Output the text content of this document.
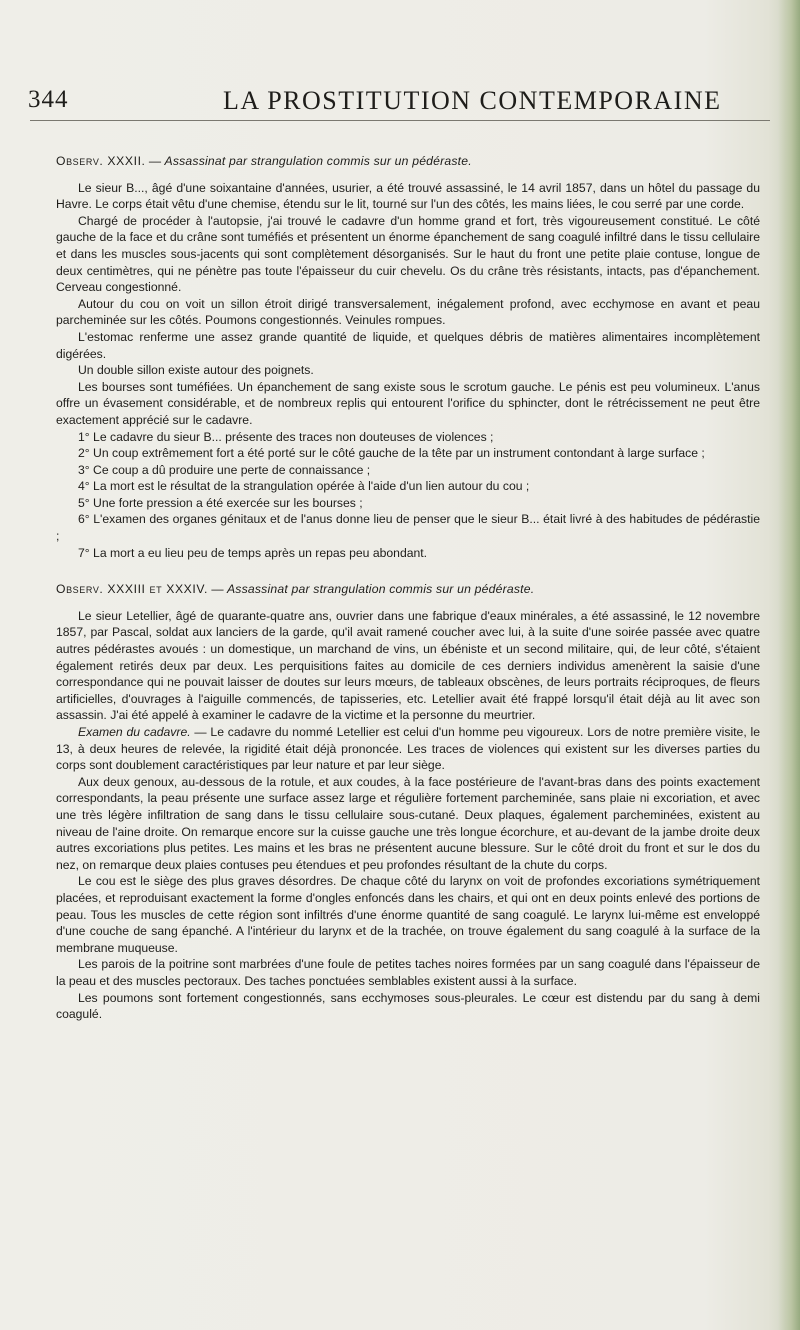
344	LA PROSTITUTION CONTEMPORAINE
Observ. XXXII. — Assassinat par strangulation commis sur un pédéraste.

Le sieur B..., âgé d'une soixantaine d'années, usurier, a été trouvé assassiné, le 14 avril 1857, dans un hôtel du passage du Havre. Le corps était vêtu d'une chemise, étendu sur le lit, tourné sur l'un des côtés, les mains liées, le cou serré par une corde.

Chargé de procéder à l'autopsie, j'ai trouvé le cadavre d'un homme grand et fort, très vigoureusement constitué. Le côté gauche de la face et du crâne sont tuméfiés et présentent un énorme épanchement de sang coagulé infiltré dans le tissu cellulaire et dans les muscles sous-jacents qui sont complètement désorganisés. Sur le haut du front une petite plaie contuse, longue de deux centimètres, qui ne pénètre pas toute l'épaisseur du cuir chevelu. Os du crâne très résistants, intacts, pas d'épanchement. Cerveau congestionné.

Autour du cou on voit un sillon étroit dirigé transversalement, inégalement profond, avec ecchymose en avant et peau parcheminée sur les côtés. Poumons congestionnés. Veinules rompues.

L'estomac renferme une assez grande quantité de liquide, et quelques débris de matières alimentaires incomplètement digérées.

Un double sillon existe autour des poignets.

Les bourses sont tuméfiées. Un épanchement de sang existe sous le scrotum gauche. Le pénis est peu volumineux. L'anus offre un évasement considérable, et de nombreux replis qui entourent l'orifice du sphincter, dont le rétrécissement ne peut être exactement apprécié sur le cadavre.

1° Le cadavre du sieur B... présente des traces non douteuses de violences ;

2° Un coup extrêmement fort a été porté sur le côté gauche de la tête par un instrument contondant à large surface ;

3° Ce coup a dû produire une perte de connaissance ;

4° La mort est le résultat de la strangulation opérée à l'aide d'un lien autour du cou ;

5° Une forte pression a été exercée sur les bourses ;

6° L'examen des organes génitaux et de l'anus donne lieu de penser que le sieur B... était livré à des habitudes de pédérastie ;

7° La mort a eu lieu peu de temps après un repas peu abondant.

Observ. XXXIII et XXXIV. — Assassinat par strangulation commis sur un pédéraste.

Le sieur Letellier, âgé de quarante-quatre ans, ouvrier dans une fabrique d'eaux minérales, a été assassiné, le 12 novembre 1857, par Pascal, soldat aux lanciers de la garde, qu'il avait ramené coucher avec lui, à la suite d'une soirée passée avec quatre autres pédérastes avoués : un domestique, un marchand de vins, un ébéniste et un second militaire, qui, de leur côté, s'étaient également retirés deux par deux. Les perquisitions faites au domicile de ces derniers individus amenèrent la saisie d'une correspondance qui ne pouvait laisser de doutes sur leurs mœurs, de tableaux obscènes, de leurs portraits réciproques, de fleurs artificielles, d'ouvrages à l'aiguille commencés, de tapisseries, etc. Letellier avait été frappé lorsqu'il était déjà au lit avec son assassin. J'ai été appelé à examiner le cadavre de la victime et la personne du meurtrier.

Examen du cadavre. — Le cadavre du nommé Letellier est celui d'un homme peu vigoureux. Lors de notre première visite, le 13, à deux heures de relevée, la rigidité était déjà prononcée. Les traces de violences qui existent sur les diverses parties du corps sont doublement caractéristiques par leur nature et par leur siège.

Aux deux genoux, au-dessous de la rotule, et aux coudes, à la face postérieure de l'avant-bras dans des points exactement correspondants, la peau présente une surface assez large et régulière fortement parcheminée, sans plaie ni excoriation, et avec une très légère infiltration de sang dans le tissu cellulaire sous-cutané. Deux plaques, également parcheminées, existent au niveau de l'aine droite. On remarque encore sur la cuisse gauche une très longue écorchure, et au-devant de la jambe droite deux autres excoriations plus petites. Les mains et les bras ne présentent aucune blessure. Sur le côté droit du front et sur le dos du nez, on remarque deux plaies contuses peu étendues et peu profondes résultant de la chute du corps.

Le cou est le siège des plus graves désordres. De chaque côté du larynx on voit de profondes excoriations symétriquement placées, et reproduisant exactement la forme d'ongles enfoncés dans les chairs, et qui ont en deux points enlevé des portions de peau. Tous les muscles de cette région sont infiltrés d'une énorme quantité de sang coagulé. Le larynx lui-même est enveloppé d'une couche de sang épanché. A l'intérieur du larynx et de la trachée, on trouve également du sang coagulé à la surface de la membrane muqueuse.

Les parois de la poitrine sont marbrées d'une foule de petites taches noires formées par un sang coagulé dans l'épaisseur de la peau et des muscles pectoraux. Des taches ponctuées semblables existent aussi à la surface.

Les poumons sont fortement congestionnés, sans ecchymoses sous-pleurales. Le cœur est distendu par du sang à demi coagulé.
